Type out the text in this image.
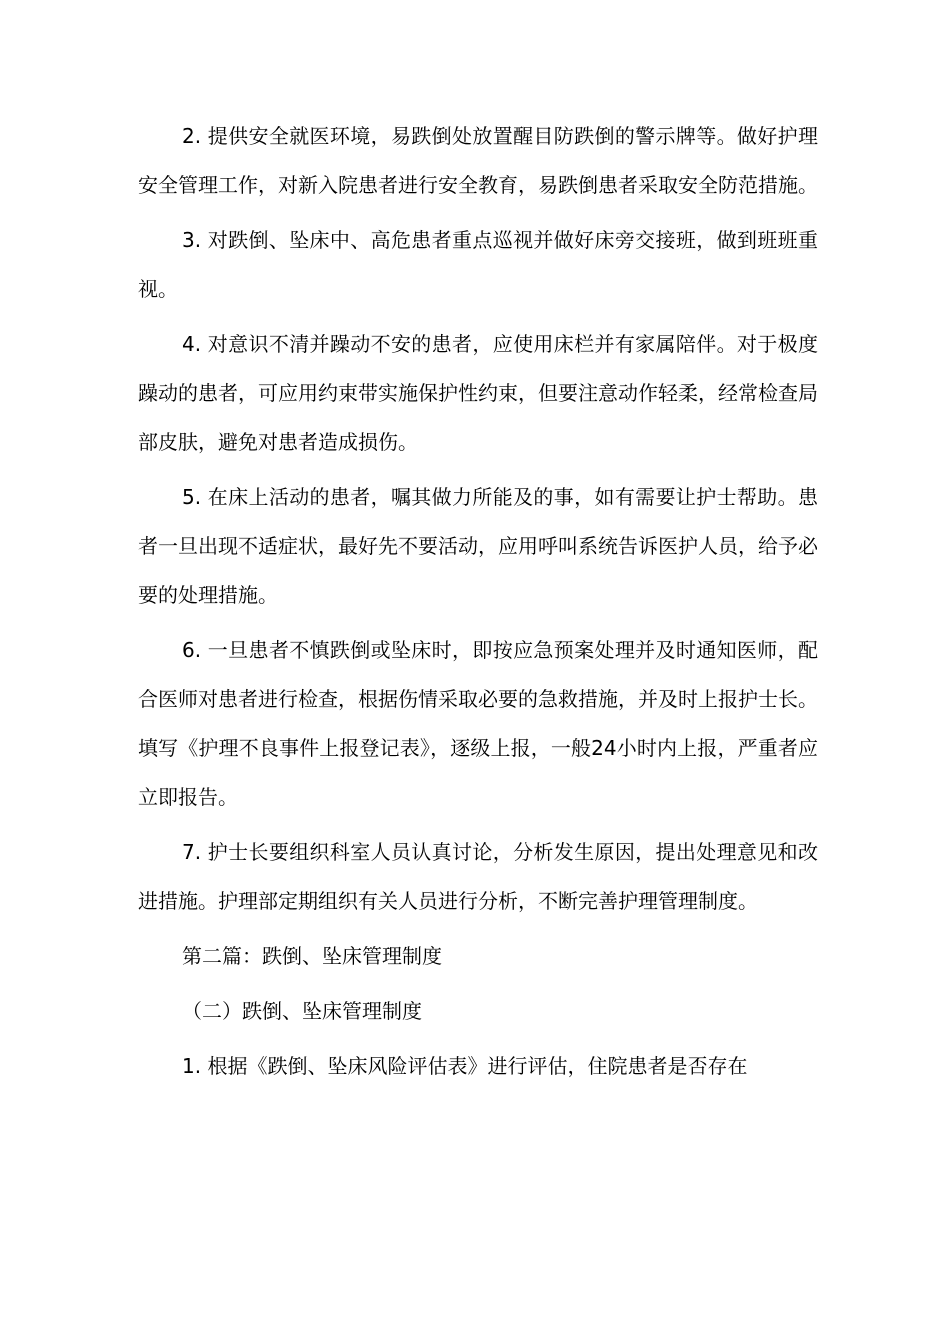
2. 提供安全就医环境，易跌倒处放置醒目防跌倒的警示牌等。做好护理安全管理工作，对新入院患者进行安全教育，易跌倒患者采取安全防范措施。

3. 对跌倒、坠床中、高危患者重点巡视并做好床旁交接班，做到班班重视。

4. 对意识不清并躁动不安的患者，应使用床栏并有家属陪伴。对于极度躁动的患者，可应用约束带实施保护性约束，但要注意动作轻柔，经常检查局部皮肤，避免对患者造成损伤。

5. 在床上活动的患者，嘱其做力所能及的事，如有需要让护士帮助。患者一旦出现不适症状，最好先不要活动，应用呼叫系统告诉医护人员，给予必要的处理措施。

6. 一旦患者不慎跌倒或坠床时，即按应急预案处理并及时通知医师，配合医师对患者进行检查，根据伤情采取必要的急救措施，并及时上报护士长。填写《护理不良事件上报登记表》，逐级上报，一般24小时内上报，严重者应立即报告。

7. 护士长要组织科室人员认真讨论，分析发生原因，提出处理意见和改进措施。护理部定期组织有关人员进行分析，不断完善护理管理制度。

第二篇：跌倒、坠床管理制度

（二）跌倒、坠床管理制度

1. 根据《跌倒、坠床风险评估表》进行评估，住院患者是否存在
